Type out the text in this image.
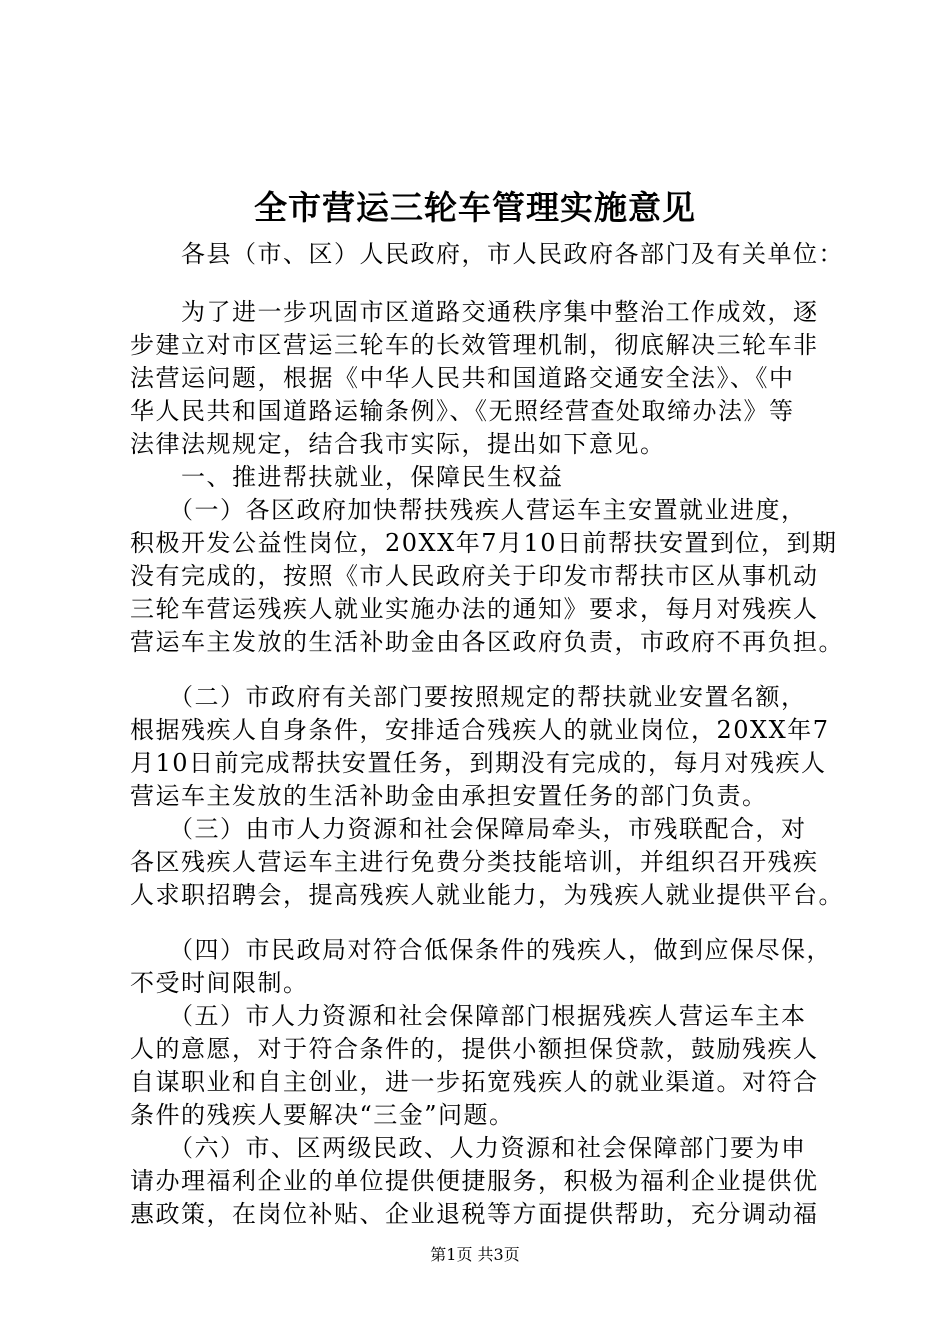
全市营运三轮车管理实施意见

　　各县（市、区）人民政府，市人民政府各部门及有关单位：

　　为了进一步巩固市区道路交通秩序集中整治工作成效，逐

步建立对市区营运三轮车的长效管理机制，彻底解决三轮车非

法营运问题，根据《中华人民共和国道路交通安全法》、《中

华人民共和国道路运输条例》、《无照经营查处取缔办法》等

法律法规规定，结合我市实际，提出如下意见。

　　一、推进帮扶就业，保障民生权益

　　（一）各区政府加快帮扶残疾人营运车主安置就业进度，

积极开发公益性岗位，20XX年7月10日前帮扶安置到位，到期

没有完成的，按照《市人民政府关于印发市帮扶市区从事机动

三轮车营运残疾人就业实施办法的通知》要求，每月对残疾人

营运车主发放的生活补助金由各区政府负责，市政府不再负担。

　　（二）市政府有关部门要按照规定的帮扶就业安置名额，

根据残疾人自身条件，安排适合残疾人的就业岗位，20XX年7

月10日前完成帮扶安置任务，到期没有完成的，每月对残疾人

营运车主发放的生活补助金由承担安置任务的部门负责。

　　（三）由市人力资源和社会保障局牵头，市残联配合，对

各区残疾人营运车主进行免费分类技能培训，并组织召开残疾

人求职招聘会，提高残疾人就业能力，为残疾人就业提供平台。

　　（四）市民政局对符合低保条件的残疾人，做到应保尽保，

不受时间限制。

　　（五）市人力资源和社会保障部门根据残疾人营运车主本

人的意愿，对于符合条件的，提供小额担保贷款，鼓励残疾人

自谋职业和自主创业，进一步拓宽残疾人的就业渠道。对符合

条件的残疾人要解决“三金”问题。

　　（六）市、区两级民政、人力资源和社会保障部门要为申

请办理福利企业的单位提供便捷服务，积极为福利企业提供优

惠政策，在岗位补贴、企业退税等方面提供帮助，充分调动福

第1页 共3页
